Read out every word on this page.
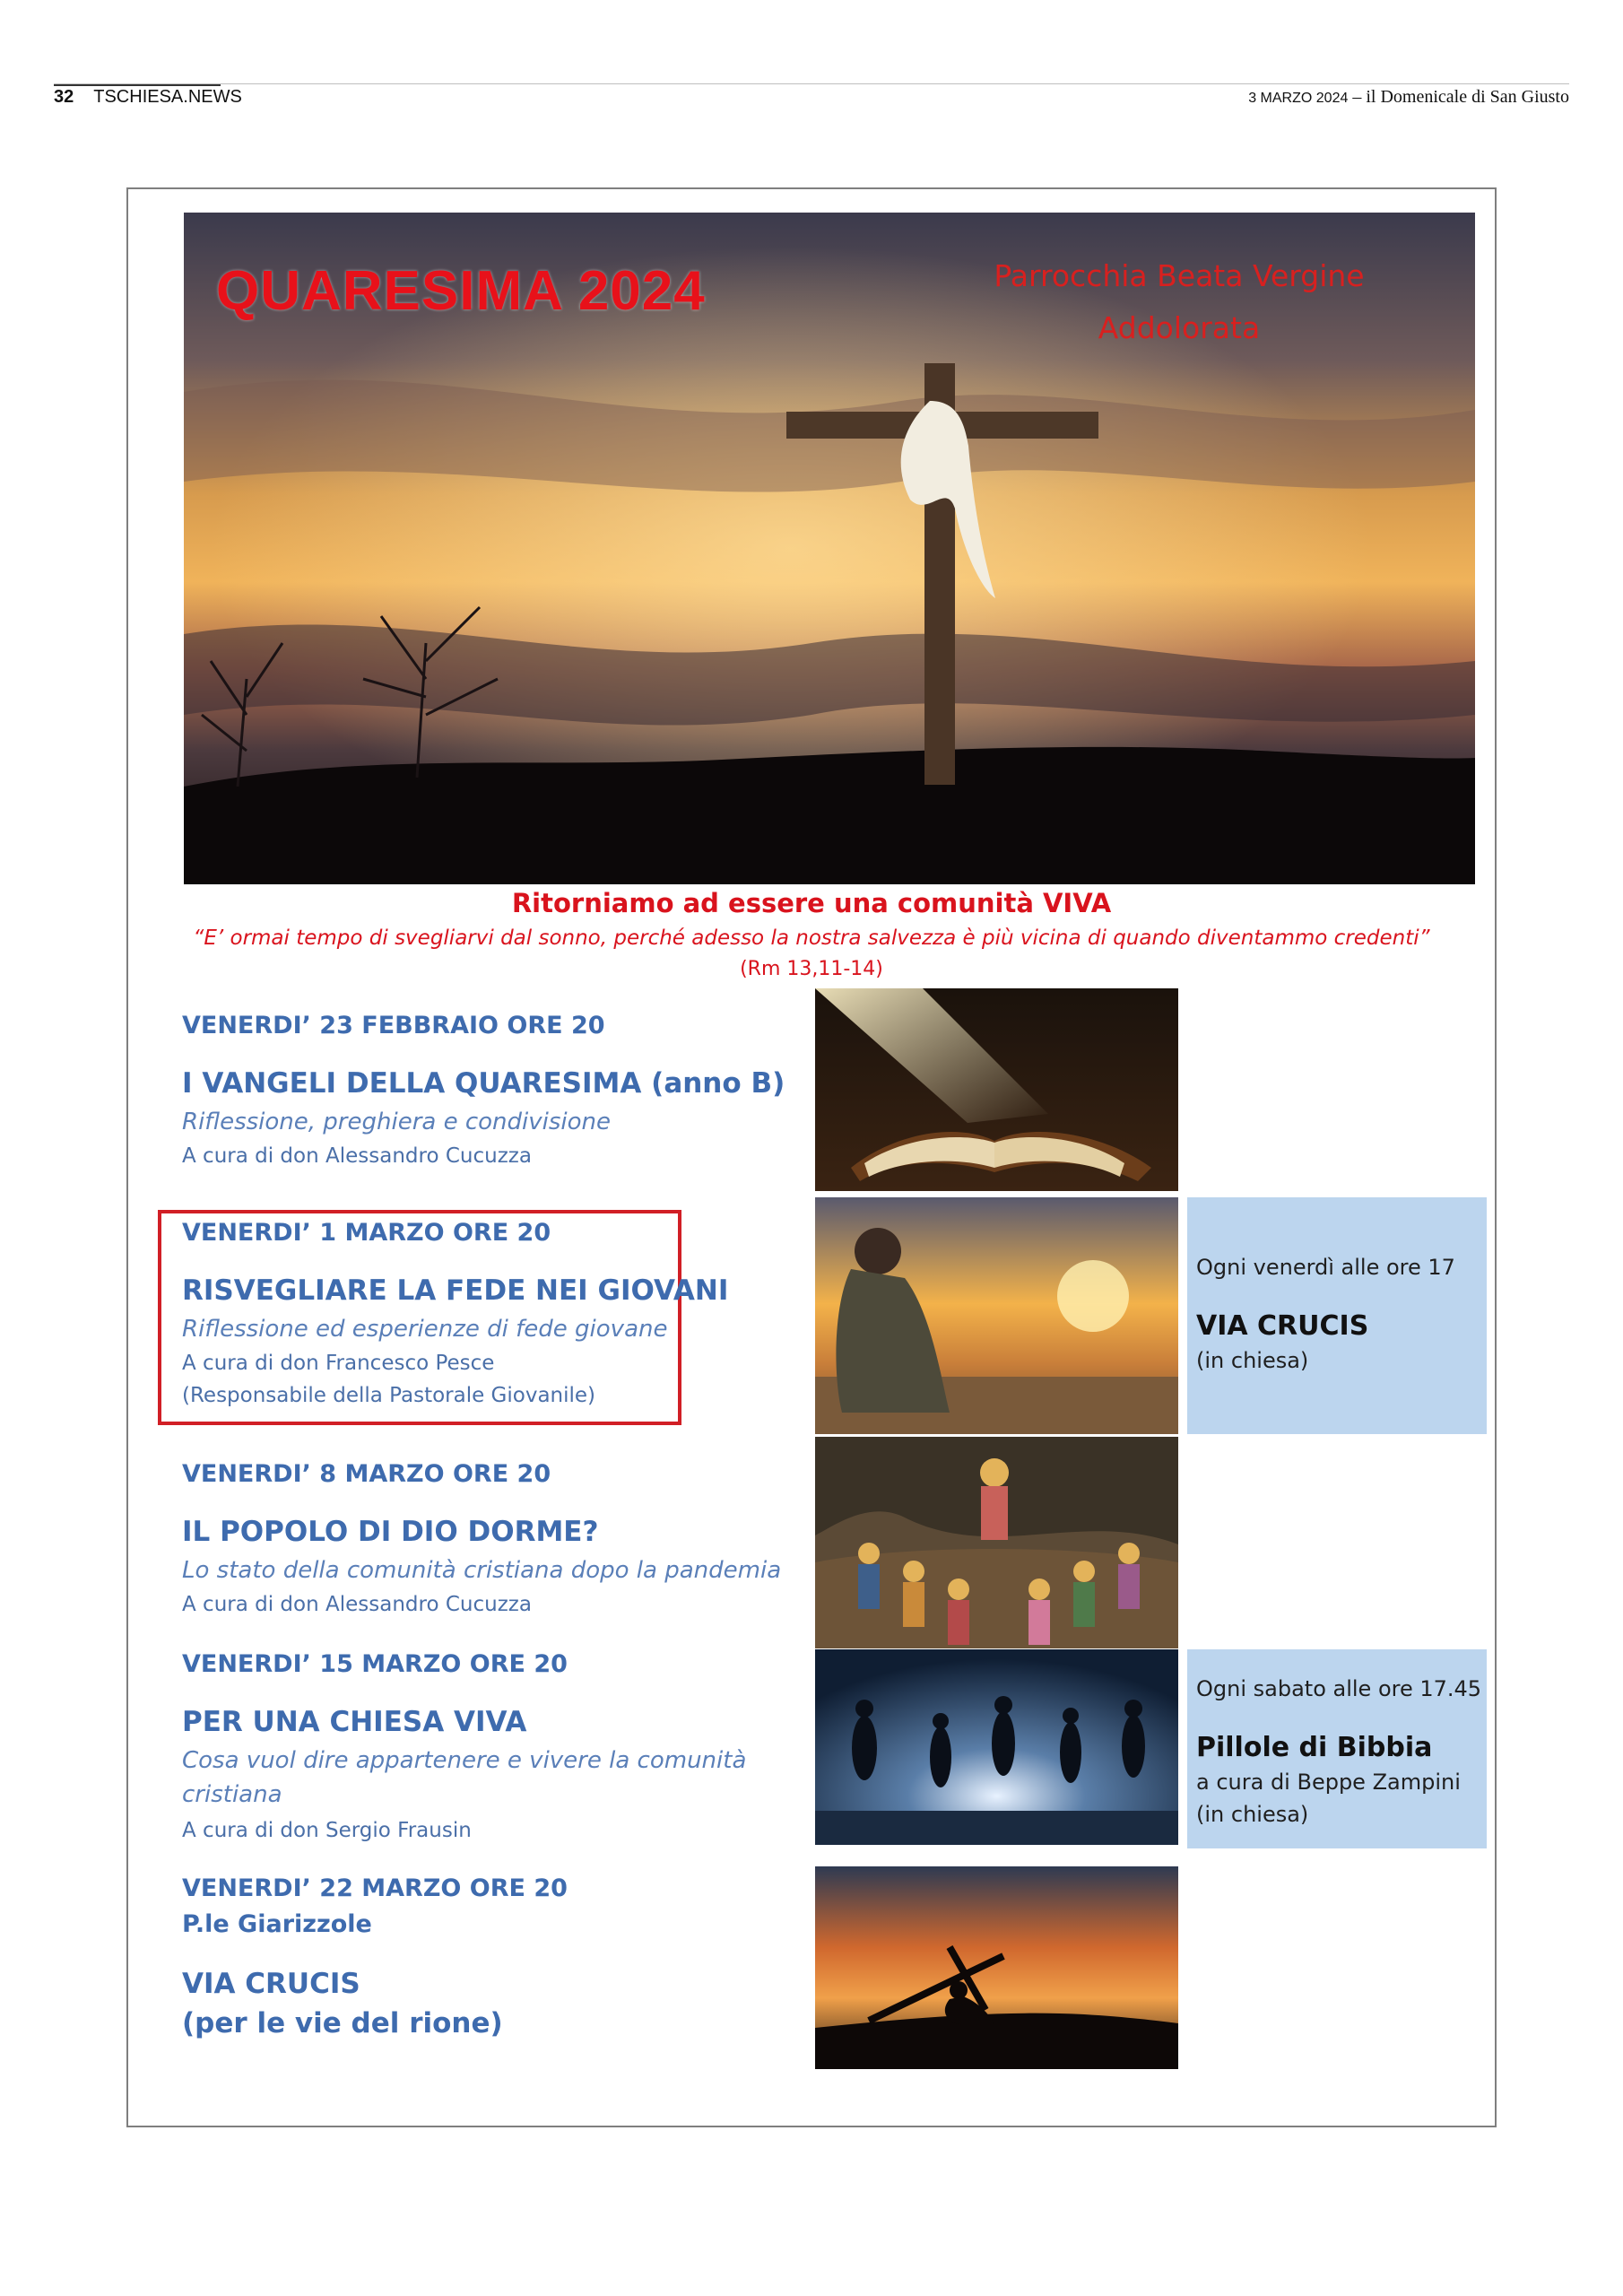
32 TSCHIESA.NEWS	3 MARZO 2024 – il Domenicale di San Giusto
QUARESIMA 2024	Parrocchia Beata Vergine
Addolorata
Ritorniamo ad essere una comunità VIVA
“E’ ormai tempo di svegliarvi dal sonno, perché adesso la nostra salvezza è più vicina di quando diventammo credenti”
(Rm 13,11-14)
VENERDI’ 23 FEBBRAIO ORE 20
I VANGELI DELLA QUARESIMA (anno B)
Riflessione, preghiera e condivisione
A cura di don Alessandro Cucuzza
VENERDI’ 1 MARZO ORE 20
RISVEGLIARE LA FEDE NEI GIOVANI
Riflessione ed esperienze di fede giovane
A cura di don Francesco Pesce
(Responsabile della Pastorale Giovanile)
VENERDI’ 8 MARZO ORE 20
IL POPOLO DI DIO DORME?
Lo stato della comunità cristiana dopo la pandemia
A cura di don Alessandro Cucuzza
VENERDI’ 15 MARZO ORE 20
PER UNA CHIESA VIVA
Cosa vuol dire appartenere e vivere la comunità cristiana
A cura di don Sergio Frausin
VENERDI’ 22 MARZO ORE 20
P.le Giarizzole
VIA CRUCIS
(per le vie del rione)
Ogni venerdì alle ore 17
VIA CRUCIS
(in chiesa)
Ogni sabato alle ore 17.45
Pillole di Bibbia
a cura di Beppe Zampini
(in chiesa)
